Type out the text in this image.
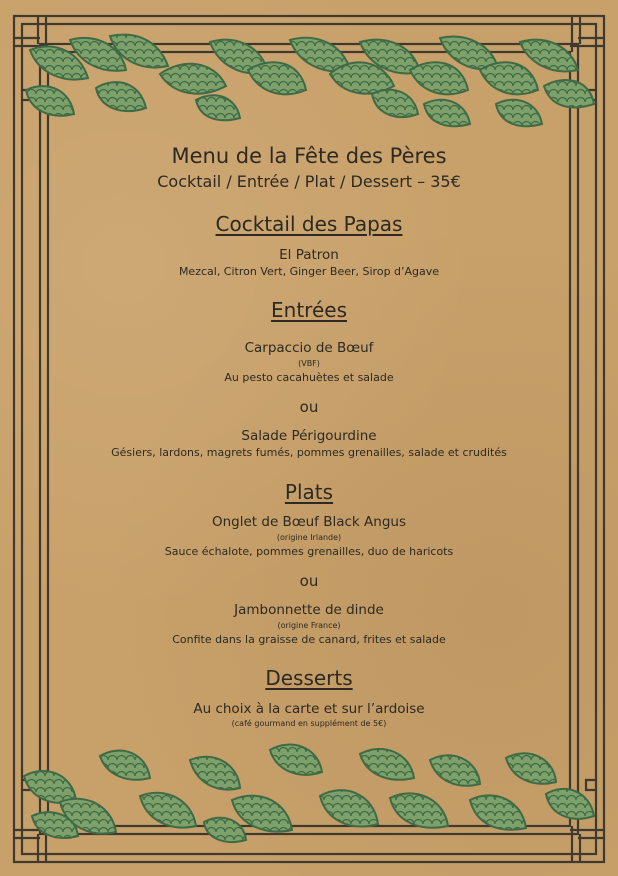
Menu de la Fête des Pères
Cocktail / Entrée / Plat / Dessert – 35€
Cocktail des Papas
El Patron
Mezcal, Citron Vert, Ginger Beer, Sirop d’Agave
Entrées
Carpaccio de Bœuf
(VBF)
Au pesto cacahuètes et salade
ou
Salade Périgourdine
Gésiers, lardons, magrets fumés, pommes grenailles, salade et crudités
Plats
Onglet de Bœuf Black Angus
(origine Irlande)
Sauce échalote, pommes grenailles, duo de haricots
ou
Jambonnette de dinde
(origine France)
Confite dans la graisse de canard, frites et salade
Desserts
Au choix à la carte et sur l’ardoise
(café gourmand en supplément de 5€)
